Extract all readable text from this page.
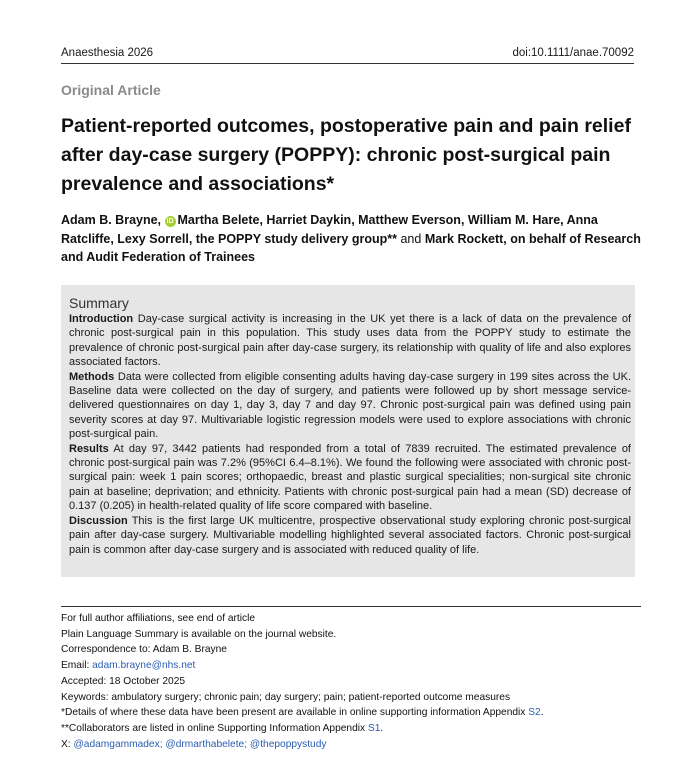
Anaesthesia 2026	doi:10.1111/anae.70092
Original Article
Patient-reported outcomes, postoperative pain and pain relief after day-case surgery (POPPY): chronic post-surgical pain prevalence and associations*
Adam B. Brayne, iD Martha Belete, Harriet Daykin, Matthew Everson, William M. Hare, Anna Ratcliffe, Lexy Sorrell, the POPPY study delivery group** and Mark Rockett, on behalf of Research and Audit Federation of Trainees
Summary

Introduction Day-case surgical activity is increasing in the UK yet there is a lack of data on the prevalence of chronic post-surgical pain in this population. This study uses data from the POPPY study to estimate the prevalence of chronic post-surgical pain after day-case surgery, its relationship with quality of life and also explores associated factors.

Methods Data were collected from eligible consenting adults having day-case surgery in 199 sites across the UK. Baseline data were collected on the day of surgery, and patients were followed up by short message service-delivered questionnaires on day 1, day 3, day 7 and day 97. Chronic post-surgical pain was defined using pain severity scores at day 97. Multivariable logistic regression models were used to explore associations with chronic post-surgical pain.

Results At day 97, 3442 patients had responded from a total of 7839 recruited. The estimated prevalence of chronic post-surgical pain was 7.2% (95%CI 6.4–8.1%). We found the following were associated with chronic post-surgical pain: week 1 pain scores; orthopaedic, breast and plastic surgical specialities; non-surgical site chronic pain at baseline; deprivation; and ethnicity. Patients with chronic post-surgical pain had a mean (SD) decrease of 0.137 (0.205) in health-related quality of life score compared with baseline.

Discussion This is the first large UK multicentre, prospective observational study exploring chronic post-surgical pain after day-case surgery. Multivariable modelling highlighted several associated factors. Chronic post-surgical pain is common after day-case surgery and is associated with reduced quality of life.

For full author affiliations, see end of article
Plain Language Summary is available on the journal website.
Correspondence to: Adam B. Brayne
Email: adam.brayne@nhs.net
Accepted: 18 October 2025
Keywords: ambulatory surgery; chronic pain; day surgery; pain; patient-reported outcome measures
*Details of where these data have been present are available in online supporting information Appendix S2.
**Collaborators are listed in online Supporting Information Appendix S1.
X: @adamgammadex; @drmarthabelete; @thepoppystudy
